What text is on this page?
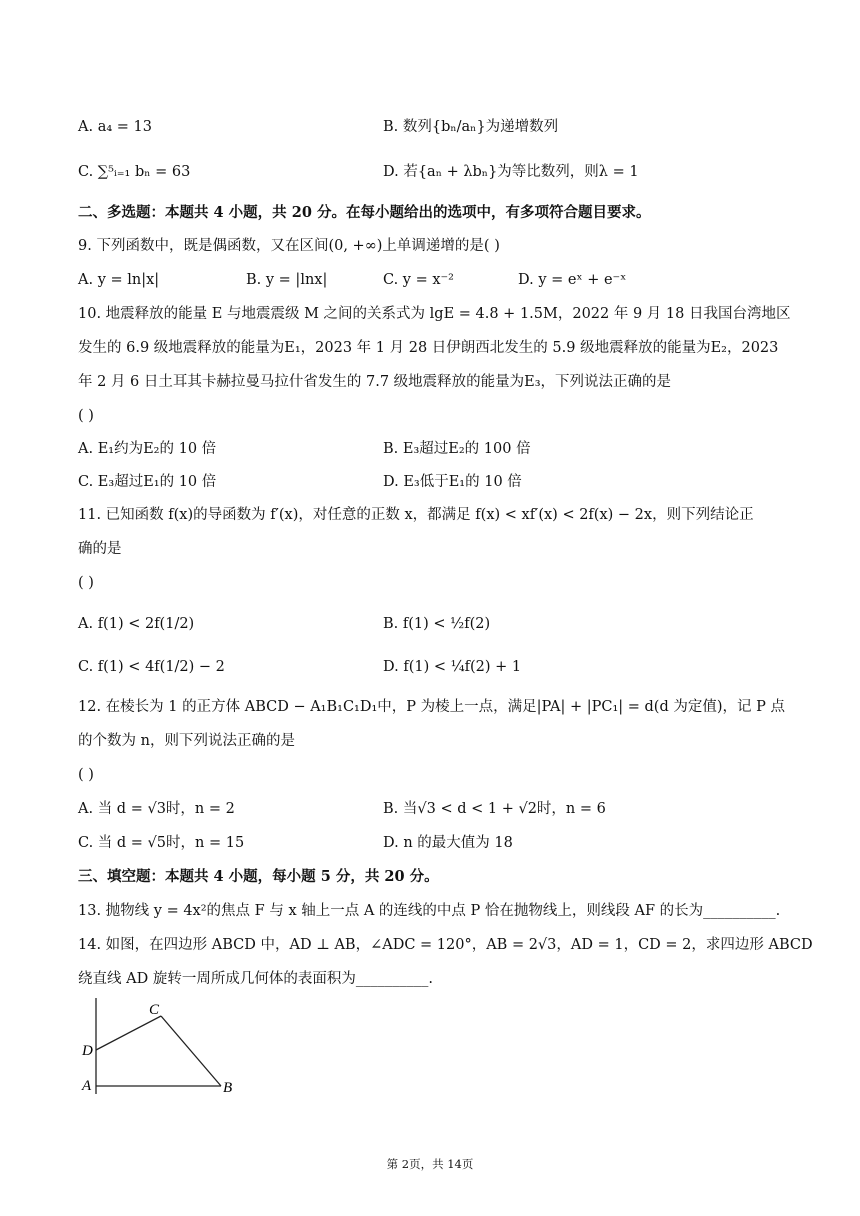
A. a₄ = 13	B. 数列{bₙ/aₙ}为递增数列
C. ∑⁵ᵢ₌₁ bₙ = 63	D. 若{aₙ + λbₙ}为等比数列，则λ = 1
二、多选题：本题共 4 小题，共 20 分。在每小题给出的选项中，有多项符合题目要求。
9. 下列函数中，既是偶函数，又在区间(0, +∞)上单调递增的是( )
A. y = ln|x|	B. y = |lnx|	C. y = x⁻²	D. y = eˣ + e⁻ˣ
10. 地震释放的能量 E 与地震震级 M 之间的关系式为 lgE = 4.8 + 1.5M，2022 年 9 月 18 日我国台湾地区
发生的 6.9 级地震释放的能量为E₁，2023 年 1 月 28 日伊朗西北发生的 5.9 级地震释放的能量为E₂，2023
年 2 月 6 日土耳其卡赫拉曼马拉什省发生的 7.7 级地震释放的能量为E₃，下列说法正确的是
( )
A. E₁约为E₂的 10 倍	B. E₃超过E₂的 100 倍
C. E₃超过E₁的 10 倍	D. E₃低于E₁的 10 倍
11. 已知函数 f(x)的导函数为 f′(x)，对任意的正数 x，都满足 f(x) < xf′(x) < 2f(x) − 2x，则下列结论正
确的是
( )
A. f(1) < 2f(1/2)	B. f(1) < ½f(2)
C. f(1) < 4f(1/2) − 2	D. f(1) < ¼f(2) + 1
12. 在棱长为 1 的正方体 ABCD − A₁B₁C₁D₁中，P 为棱上一点，满足|PA| + |PC₁| = d(d 为定值)，记 P 点
的个数为 n，则下列说法正确的是
( )
A. 当 d = √3时，n = 2	B. 当√3 < d < 1 + √2时，n = 6
C. 当 d = √5时，n = 15	D. n 的最大值为 18
三、填空题：本题共 4 小题，每小题 5 分，共 20 分。
13. 抛物线 y = 4x²的焦点 F 与 x 轴上一点 A 的连线的中点 P 恰在抛物线上，则线段 AF 的长为__________.
14. 如图，在四边形 ABCD 中，AD ⊥ AB，∠ADC = 120°，AB = 2√3，AD = 1，CD = 2，求四边形 ABCD
绕直线 AD 旋转一周所成几何体的表面积为__________.
C
D
A	B
第 2页，共 14页
